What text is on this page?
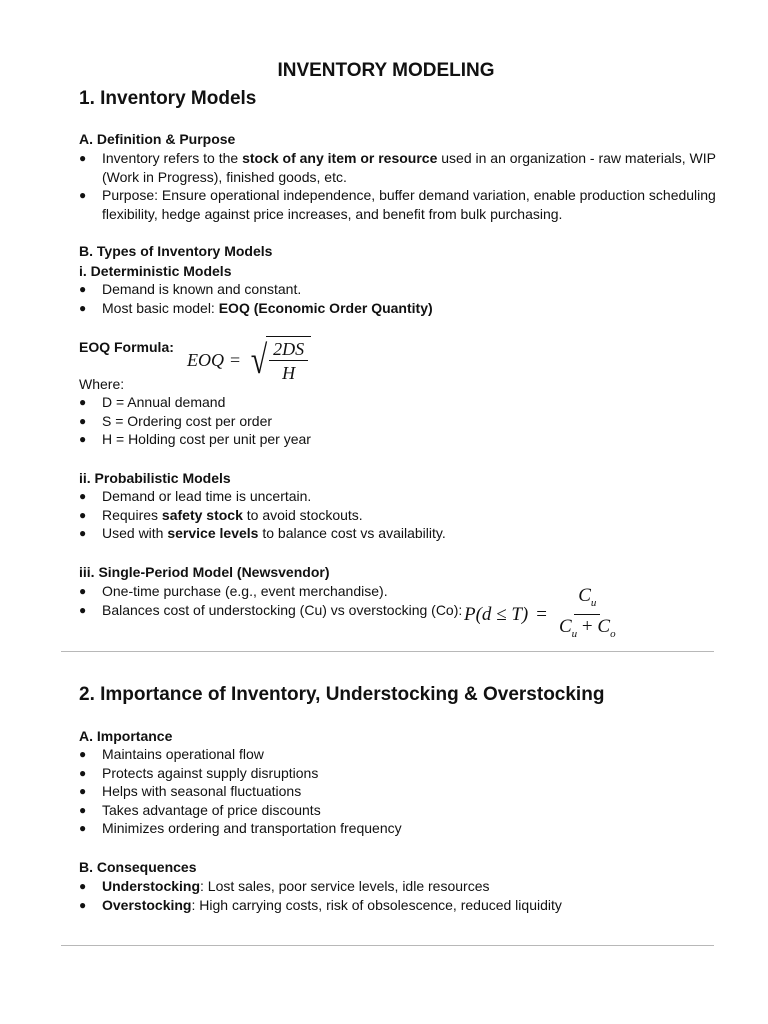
INVENTORY MODELING
1. Inventory Models

A. Definition & Purpose

● Inventory refers to the stock of any item or resource used in an organization - raw materials, WIP (Work in Progress), finished goods, etc.
● Purpose: Ensure operational independence, buffer demand variation, enable production scheduling flexibility, hedge against price increases, and benefit from bulk purchasing.

B. Types of Inventory Models

i. Deterministic Models

● Demand is known and constant.
● Most basic model: EOQ (Economic Order Quantity)

EOQ Formula:

EOQ = √ $\frac{2DS}{H}$

Where:

● D = Annual demand
● S = Ordering cost per order
● H = Holding cost per unit per year

ii. Probabilistic Models

● Demand or lead time is uncertain.
● Requires safety stock to avoid stockouts.
● Used with service levels to balance cost vs availability.

iii. Single-Period Model (Newsvendor)

● One-time purchase (e.g., event merchandise).
● Balances cost of understocking (Cu) vs overstocking (Co): $P(d \le T) = \frac{C_u}{C_u + C_o}$
2. Importance of Inventory, Understocking & Overstocking

A. Importance

● Maintains operational flow
● Protects against supply disruptions
● Helps with seasonal fluctuations
● Takes advantage of price discounts
● Minimizes ordering and transportation frequency

B. Consequences

● Understocking: Lost sales, poor service levels, idle resources
● Overstocking: High carrying costs, risk of obsolescence, reduced liquidity
